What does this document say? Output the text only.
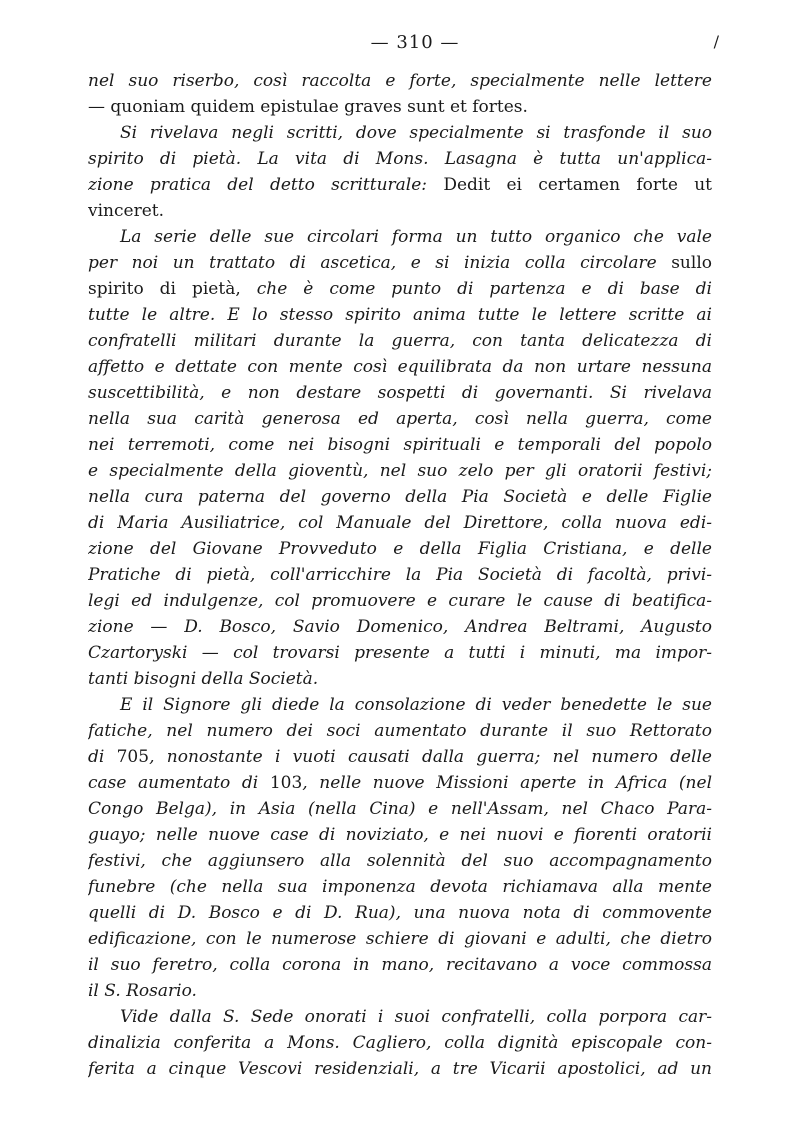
— 310 —	/
nel suo riserbo, così raccolta e forte, specialmente nelle lettere
— quoniam quidem epistulae graves sunt et fortes.
Si rivelava negli scritti, dove specialmente si trasfonde il suo
spirito di pietà. La vita di Mons. Lasagna è tutta un'applica-
zione pratica del detto scritturale: Dedit ei certamen forte ut
vinceret.
La serie delle sue circolari forma un tutto organico che vale
per noi un trattato di ascetica, e si inizia colla circolare sullo
spirito di pietà, che è come punto di partenza e di base di
tutte le altre. E lo stesso spirito anima tutte le lettere scritte ai
confratelli militari durante la guerra, con tanta delicatezza di
affetto e dettate con mente così equilibrata da non urtare nessuna
suscettibilità, e non destare sospetti di governanti. Si rivelava
nella sua carità generosa ed aperta, così nella guerra, come
nei terremoti, come nei bisogni spirituali e temporali del popolo
e specialmente della gioventù, nel suo zelo per gli oratorii festivi;
nella cura paterna del governo della Pia Società e delle Figlie
di Maria Ausiliatrice, col Manuale del Direttore, colla nuova edi-
zione del Giovane Provveduto e della Figlia Cristiana, e delle
Pratiche di pietà, coll'arricchire la Pia Società di facoltà, privi-
legi ed indulgenze, col promuovere e curare le cause di beatifica-
zione — D. Bosco, Savio Domenico, Andrea Beltrami, Augusto
Czartoryski — col trovarsi presente a tutti i minuti, ma impor-
tanti bisogni della Società.
E il Signore gli diede la consolazione di veder benedette le sue
fatiche, nel numero dei soci aumentato durante il suo Rettorato
di 705, nonostante i vuoti causati dalla guerra; nel numero delle
case aumentato di 103, nelle nuove Missioni aperte in Africa (nel
Congo Belga), in Asia (nella Cina) e nell'Assam, nel Chaco Para-
guayo; nelle nuove case di noviziato, e nei nuovi e fiorenti oratorii
festivi, che aggiunsero alla solennità del suo accompagnamento
funebre (che nella sua imponenza devota richiamava alla mente
quelli di D. Bosco e di D. Rua), una nuova nota di commovente
edificazione, con le numerose schiere di giovani e adulti, che dietro
il suo feretro, colla corona in mano, recitavano a voce commossa
il S. Rosario.
Vide dalla S. Sede onorati i suoi confratelli, colla porpora car-
dinalizia conferita a Mons. Cagliero, colla dignità episcopale con-
ferita a cinque Vescovi residenziali, a tre Vicarii apostolici, ad un
